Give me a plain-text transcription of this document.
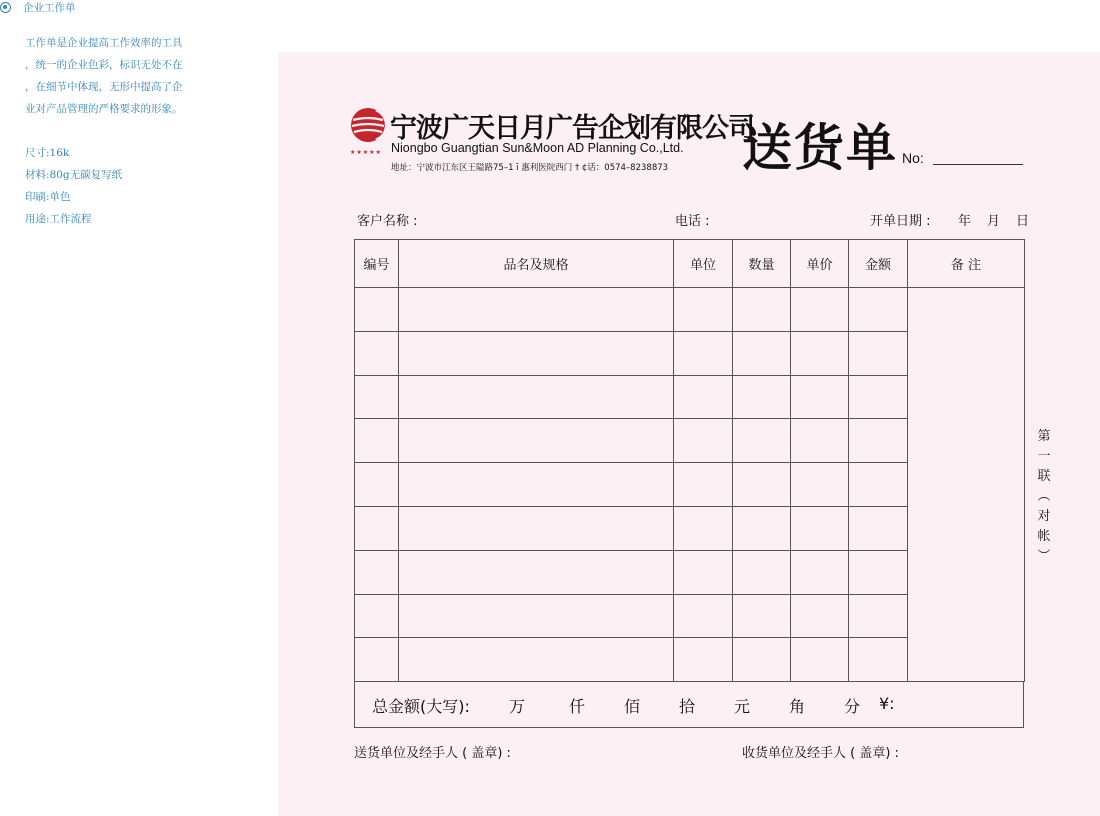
企业工作单
工作单是企业提高工作效率的工具
，统一的企业色彩，标识无处不在
，在细节中体现，无形中提高了企
业对产品管理的严格要求的形象。
尺寸:16k
材料:80g无碳复写纸
印刷:单色
用途:工作流程
★★★★★
宁波广天日月广告企划有限公司
Niongbo Guangtian Sun&Moon AD Planning Co.,Ltd.
地址：宁波市江东区王隘路75–1 ī 惠利医院西门 † ¢话：0574–8238873 送货单 No:
客户名称 :	电话 :	开单日期 : 年 月 日
编号	品名及规格	单位	数量	单价	金额	备 注

总金额(大写): 万	仟 佰 拾 元 角 分 ¥:
送货单位及经手人 ( 盖章) :	收货单位及经手人 ( 盖章) :
第
一
联
︵
对
帐
︶
